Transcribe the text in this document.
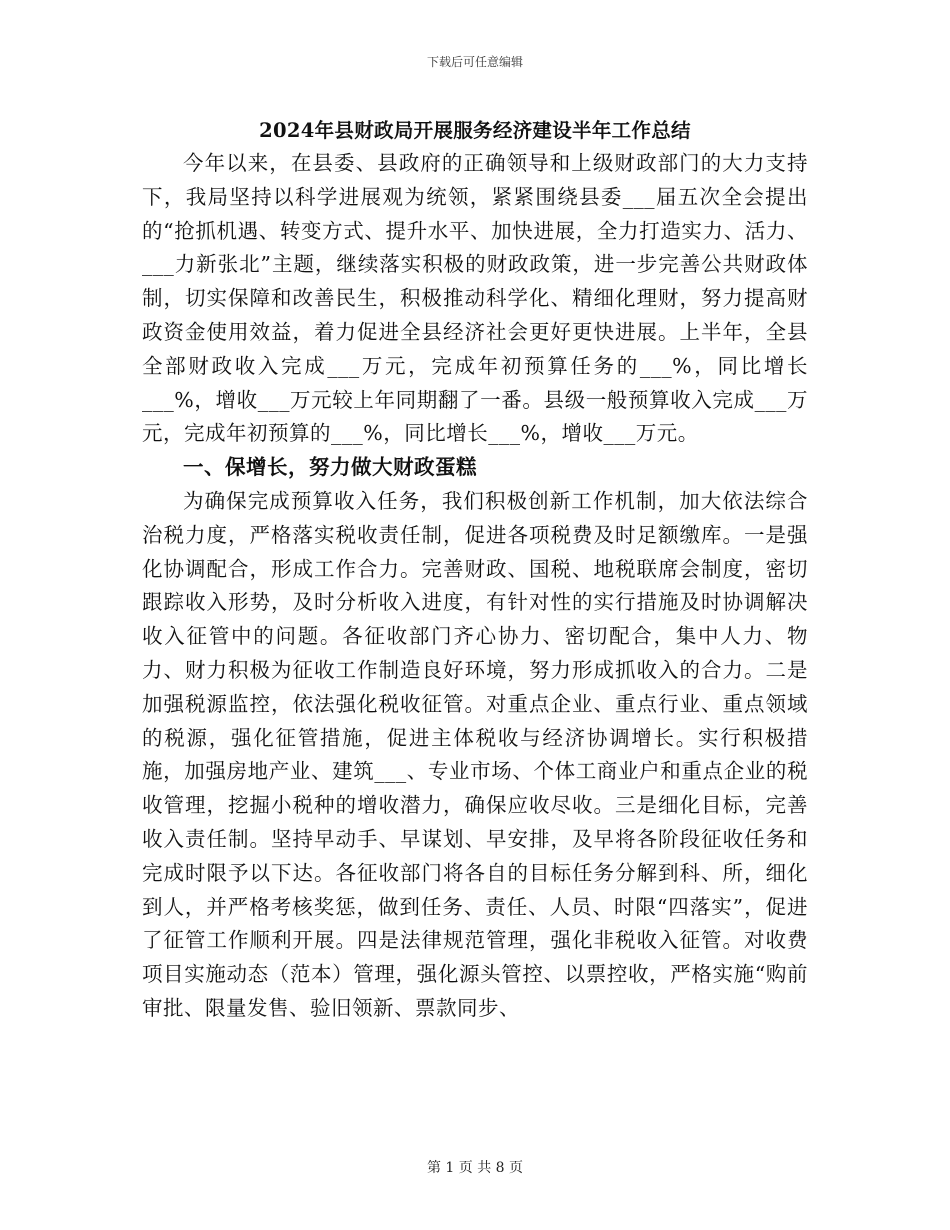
下载后可任意编辑
2024年县财政局开展服务经济建设半年工作总结

今年以来，在县委、县政府的正确领导和上级财政部门的大力支持下，我局坚持以科学进展观为统领，紧紧围绕县委___届五次全会提出的“抢抓机遇、转变方式、提升水平、加快进展，全力打造实力、活力、___力新张北”主题，继续落实积极的财政政策，进一步完善公共财政体制，切实保障和改善民生，积极推动科学化、精细化理财，努力提高财政资金使用效益，着力促进全县经济社会更好更快进展。上半年，全县全部财政收入完成___万元，完成年初预算任务的___%，同比增长___%，增收___万元较上年同期翻了一番。县级一般预算收入完成___万元，完成年初预算的___%，同比增长___%，增收___万元。

一、保增长，努力做大财政蛋糕

为确保完成预算收入任务，我们积极创新工作机制，加大依法综合治税力度，严格落实税收责任制，促进各项税费及时足额缴库。一是强化协调配合，形成工作合力。完善财政、国税、地税联席会制度，密切跟踪收入形势，及时分析收入进度，有针对性的实行措施及时协调解决收入征管中的问题。各征收部门齐心协力、密切配合，集中人力、物力、财力积极为征收工作制造良好环境，努力形成抓收入的合力。二是加强税源监控，依法强化税收征管。对重点企业、重点行业、重点领域的税源，强化征管措施，促进主体税收与经济协调增长。实行积极措施，加强房地产业、建筑___、专业市场、个体工商业户和重点企业的税收管理，挖掘小税种的增收潜力，确保应收尽收。三是细化目标，完善收入责任制。坚持早动手、早谋划、早安排，及早将各阶段征收任务和完成时限予以下达。各征收部门将各自的目标任务分解到科、所，细化到人，并严格考核奖惩，做到任务、责任、人员、时限“四落实”，促进了征管工作顺利开展。四是法律规范管理，强化非税收入征管。对收费项目实施动态（范本）管理，强化源头管控、以票控收，严格实施“购前审批、限量发售、验旧领新、票款同步、

第 1 页 共 8 页
